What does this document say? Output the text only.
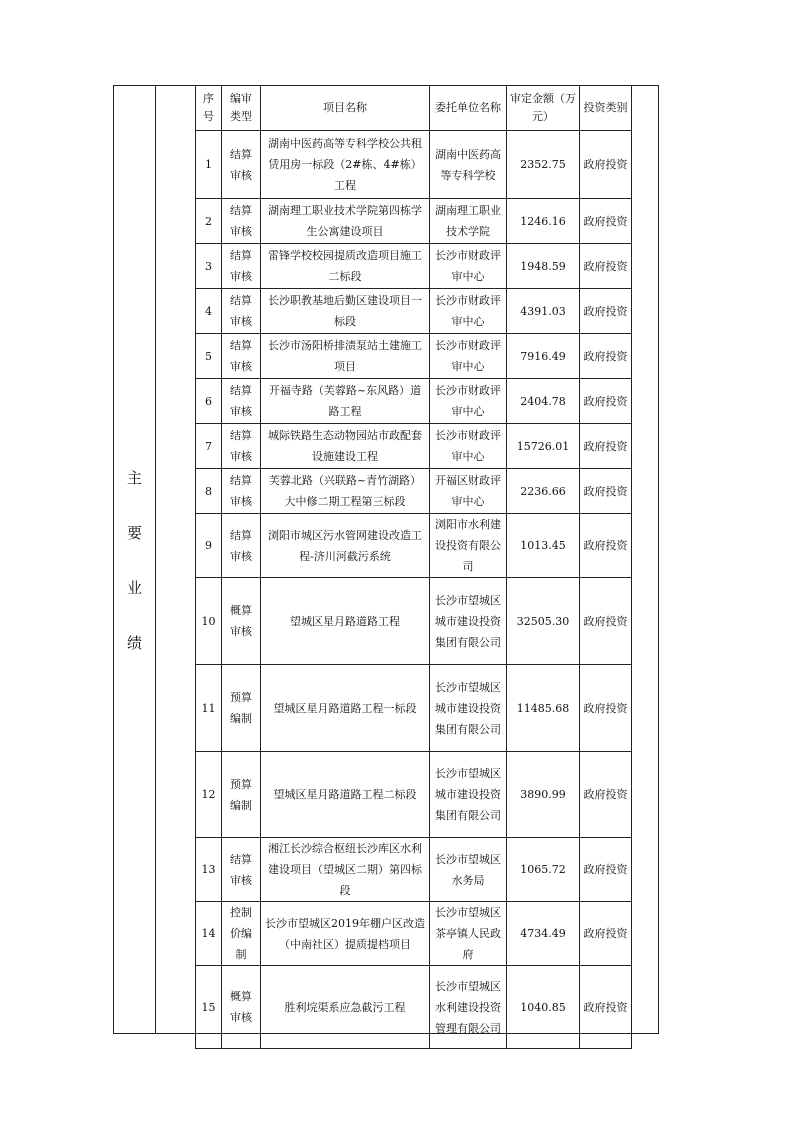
主
要
业
绩
序号	编审类型	项目名称	委托单位名称	审定金额（万元）	投资类别
1	结算审核	湖南中医药高等专科学校公共租赁用房一标段（2#栋、4#栋）工程	湖南中医药高等专科学校	2352.75	政府投资
2	结算审核	湖南理工职业技术学院第四栋学生公寓建设项目	湖南理工职业技术学院	1246.16	政府投资
3	结算审核	雷锋学校校园提质改造项目施工二标段	长沙市财政评审中心	1948.59	政府投资
4	结算审核	长沙职教基地后勤区建设项目一标段	长沙市财政评审中心	4391.03	政府投资
5	结算审核	长沙市汤阳桥排渍泵站土建施工项目	长沙市财政评审中心	7916.49	政府投资
6	结算审核	开福寺路（芙蓉路~东风路）道路工程	长沙市财政评审中心	2404.78	政府投资
7	结算审核	城际铁路生态动物园站市政配套设施建设工程	长沙市财政评审中心	15726.01	政府投资
8	结算审核	芙蓉北路（兴联路~青竹湖路）大中修二期工程第三标段	开福区财政评审中心	2236.66	政府投资
9	结算审核	浏阳市城区污水管网建设改造工程-济川河截污系统	浏阳市水利建设投资有限公司	1013.45	政府投资
10	概算审核	望城区星月路道路工程	长沙市望城区城市建设投资集团有限公司	32505.30	政府投资
11	预算编制	望城区星月路道路工程一标段	长沙市望城区城市建设投资集团有限公司	11485.68	政府投资
12	预算编制	望城区星月路道路工程二标段	长沙市望城区城市建设投资集团有限公司	3890.99	政府投资
13	结算审核	湘江长沙综合枢纽长沙库区水利建设项目（望城区二期）第四标段	长沙市望城区水务局	1065.72	政府投资
14	控制价编制	长沙市望城区2019年棚户区改造（中南社区）提质提档项目	长沙市望城区茶亭镇人民政府	4734.49	政府投资
15	概算审核	胜利垸渠系应急截污工程	长沙市望城区水利建设投资管理有限公司	1040.85	政府投资
